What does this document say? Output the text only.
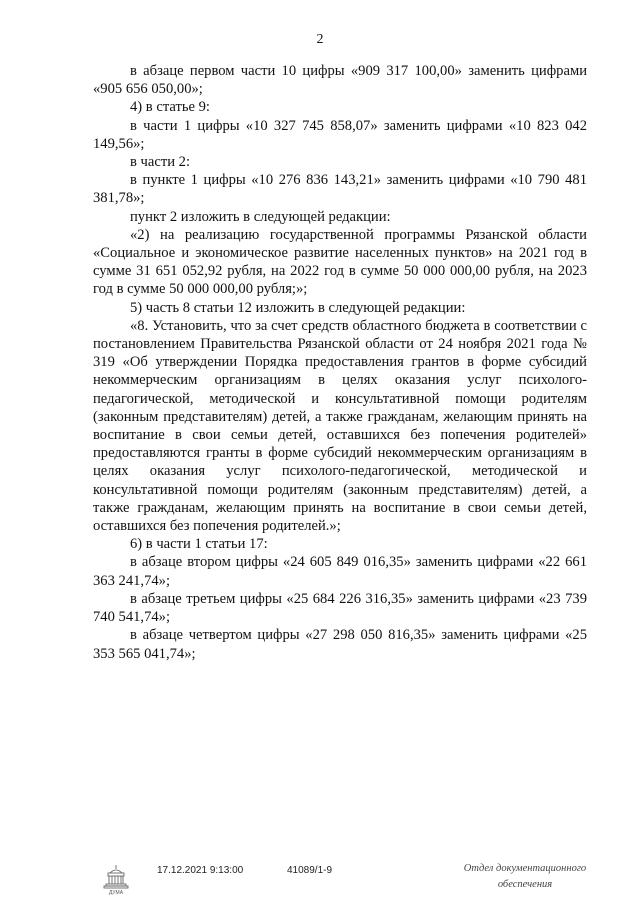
2

в абзаце первом части 10 цифры «909 317 100,00» заменить цифрами «905 656 050,00»;

4) в статье 9:

в части 1 цифры «10 327 745 858,07» заменить цифрами «10 823 042 149,56»;

в части 2:

в пункте 1 цифры «10 276 836 143,21» заменить цифрами «10 790 481 381,78»;

пункт 2 изложить в следующей редакции:

«2) на реализацию государственной программы Рязанской области «Социальное и экономическое развитие населенных пунктов» на 2021 год в сумме 31 651 052,92 рубля, на 2022 год в сумме 50 000 000,00 рубля, на 2023 год в сумме 50 000 000,00 рубля;»;

5) часть 8 статьи 12 изложить в следующей редакции:

«8. Установить, что за счет средств областного бюджета в соответствии с постановлением Правительства Рязанской области от 24 ноября 2021 года № 319 «Об утверждении Порядка предоставления грантов в форме субсидий некоммерческим организациям в целях оказания услуг психолого-педагогической, методической и консультативной помощи родителям (законным представителям) детей, а также гражданам, желающим принять на воспитание в свои семьи детей, оставшихся без попечения родителей» предоставляются гранты в форме субсидий некоммерческим организациям в целях оказания услуг психолого-педагогической, методической и консультативной помощи родителям (законным представителям) детей, а также гражданам, желающим принять на воспитание в свои семьи детей, оставшихся без попечения родителей.»;

6) в части 1 статьи 17:

в абзаце втором цифры «24 605 849 016,35» заменить цифрами «22 661 363 241,74»;

в абзаце третьем цифры «25 684 226 316,35» заменить цифрами «23 739 740 541,74»;

в абзаце четвертом цифры «27 298 050 816,35» заменить цифрами «25 353 565 041,74»;

ДУМА
17.12.2021 9:13:00	41089/1-9	Отдел документационного
обеспечения
